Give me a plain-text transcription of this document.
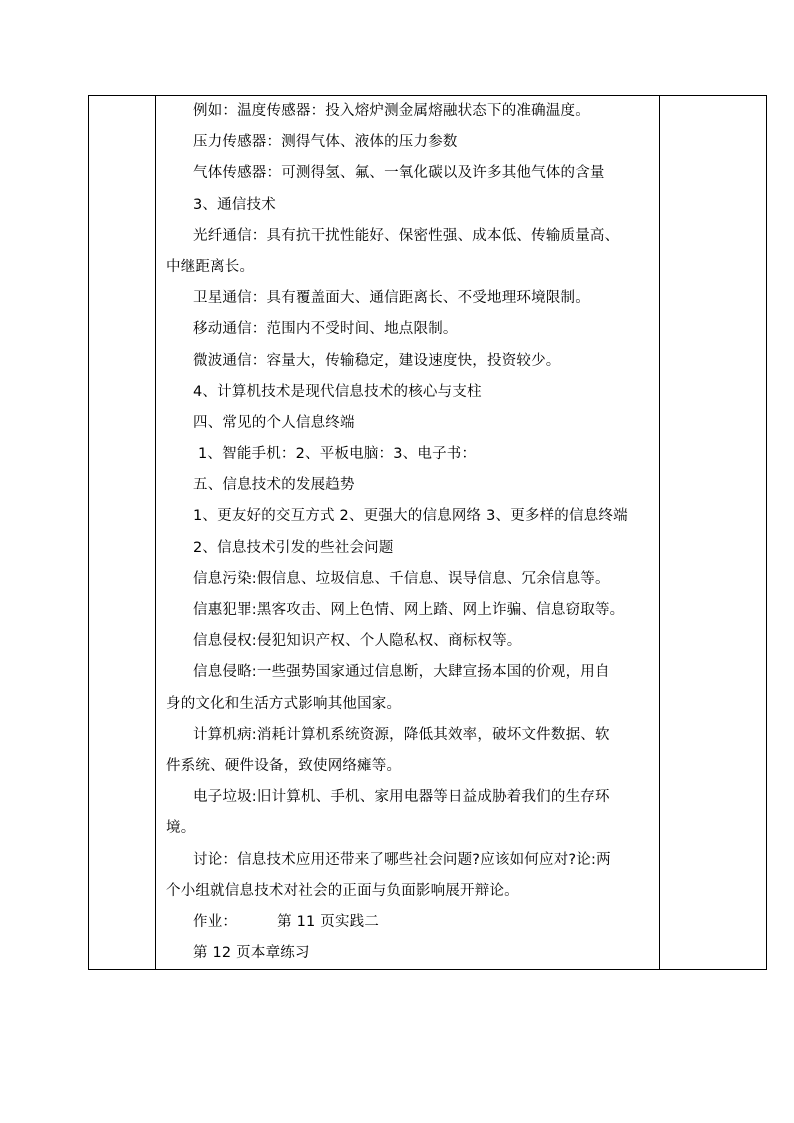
例如：温度传感器：投入熔炉测金属熔融状态下的准确温度。
压力传感器：测得气体、液体的压力参数
气体传感器：可测得氢、氟、一氧化碳以及许多其他气体的含量
3、通信技术
光纤通信：具有抗干扰性能好、保密性强、成本低、传输质量高、
中继距离长。
卫星通信：具有覆盖面大、通信距离长、不受地理环境限制。
移动通信：范围内不受时间、地点限制。
微波通信：容量大，传输稳定，建设速度快，投资较少。
4、计算机技术是现代信息技术的核心与支柱
四、常见的个人信息终端
1、智能手机：2、平板电脑：3、电子书：
五、信息技术的发展趋势
1、更友好的交互方式 2、更强大的信息网络 3、更多样的信息终端
2、信息技术引发的些社会问题
信息污染:假信息、垃圾信息、千信息、误导信息、冗余信息等。
信惠犯罪:黑客攻击、网上色情、网上踏、网上诈骗、信息窃取等。
信息侵权:侵犯知识产权、个人隐私权、商标权等。
信息侵略:一些强势国家通过信息断，大肆宣扬本国的价观，用自
身的文化和生活方式影响其他国家。
计算机病:消耗计算机系统资源，降低其效率，破坏文件数据、软
件系统、硬件设备，致使网络瘫等。
电子垃圾:旧计算机、手机、家用电器等日益成胁着我们的生存环
境。
讨论：信息技术应用还带来了哪些社会问题?应该如何应对?论:两
个小组就信息技术对社会的正面与负面影响展开辩论。
作业：	第 11 页实践二
第 12 页本章练习
